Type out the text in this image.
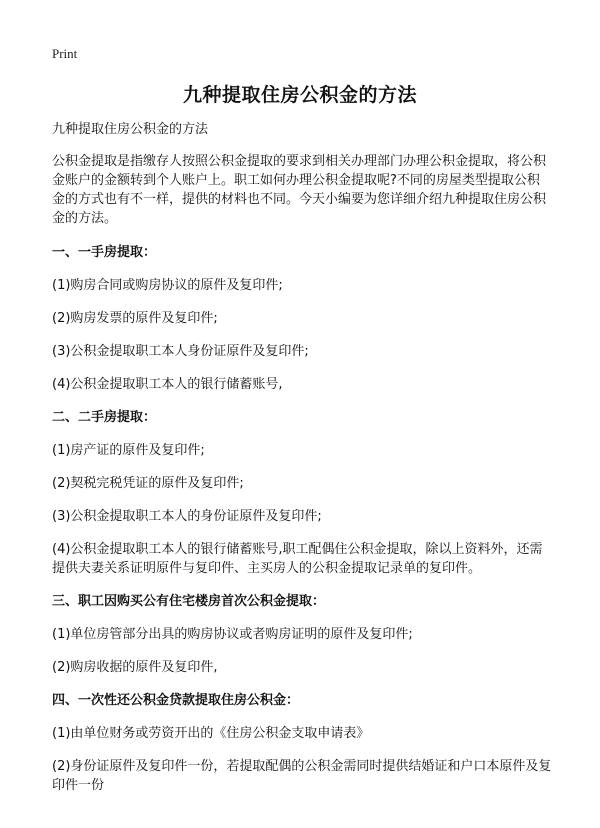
Print
九种提取住房公积金的方法

九种提取住房公积金的方法

公积金提取是指缴存人按照公积金提取的要求到相关办理部门办理公积金提取，将公积金账户的金额转到个人账户上。职工如何办理公积金提取呢?不同的房屋类型提取公积金的方式也有不一样，提供的材料也不同。今天小编要为您详细介绍九种提取住房公积金的方法。

一、一手房提取：

(1)购房合同或购房协议的原件及复印件;

(2)购房发票的原件及复印件;

(3)公积金提取职工本人身份证原件及复印件;

(4)公积金提取职工本人的银行储蓄账号,

二、二手房提取：

(1)房产证的原件及复印件;

(2)契税完税凭证的原件及复印件;

(3)公积金提取职工本人的身份证原件及复印件;

(4)公积金提取职工本人的银行储蓄账号,职工配偶住公积金提取，除以上资料外，还需提供夫妻关系证明原件与复印件、主买房人的公积金提取记录单的复印件。

三、职工因购买公有住宅楼房首次公积金提取：

(1)单位房管部分出具的购房协议或者购房证明的原件及复印件;

(2)购房收据的原件及复印件,

四、一次性还公积金贷款提取住房公积金：

(1)由单位财务或劳资开出的《住房公积金支取申请表》

(2)身份证原件及复印件一份，若提取配偶的公积金需同时提供结婚证和户口本原件及复印件一份
